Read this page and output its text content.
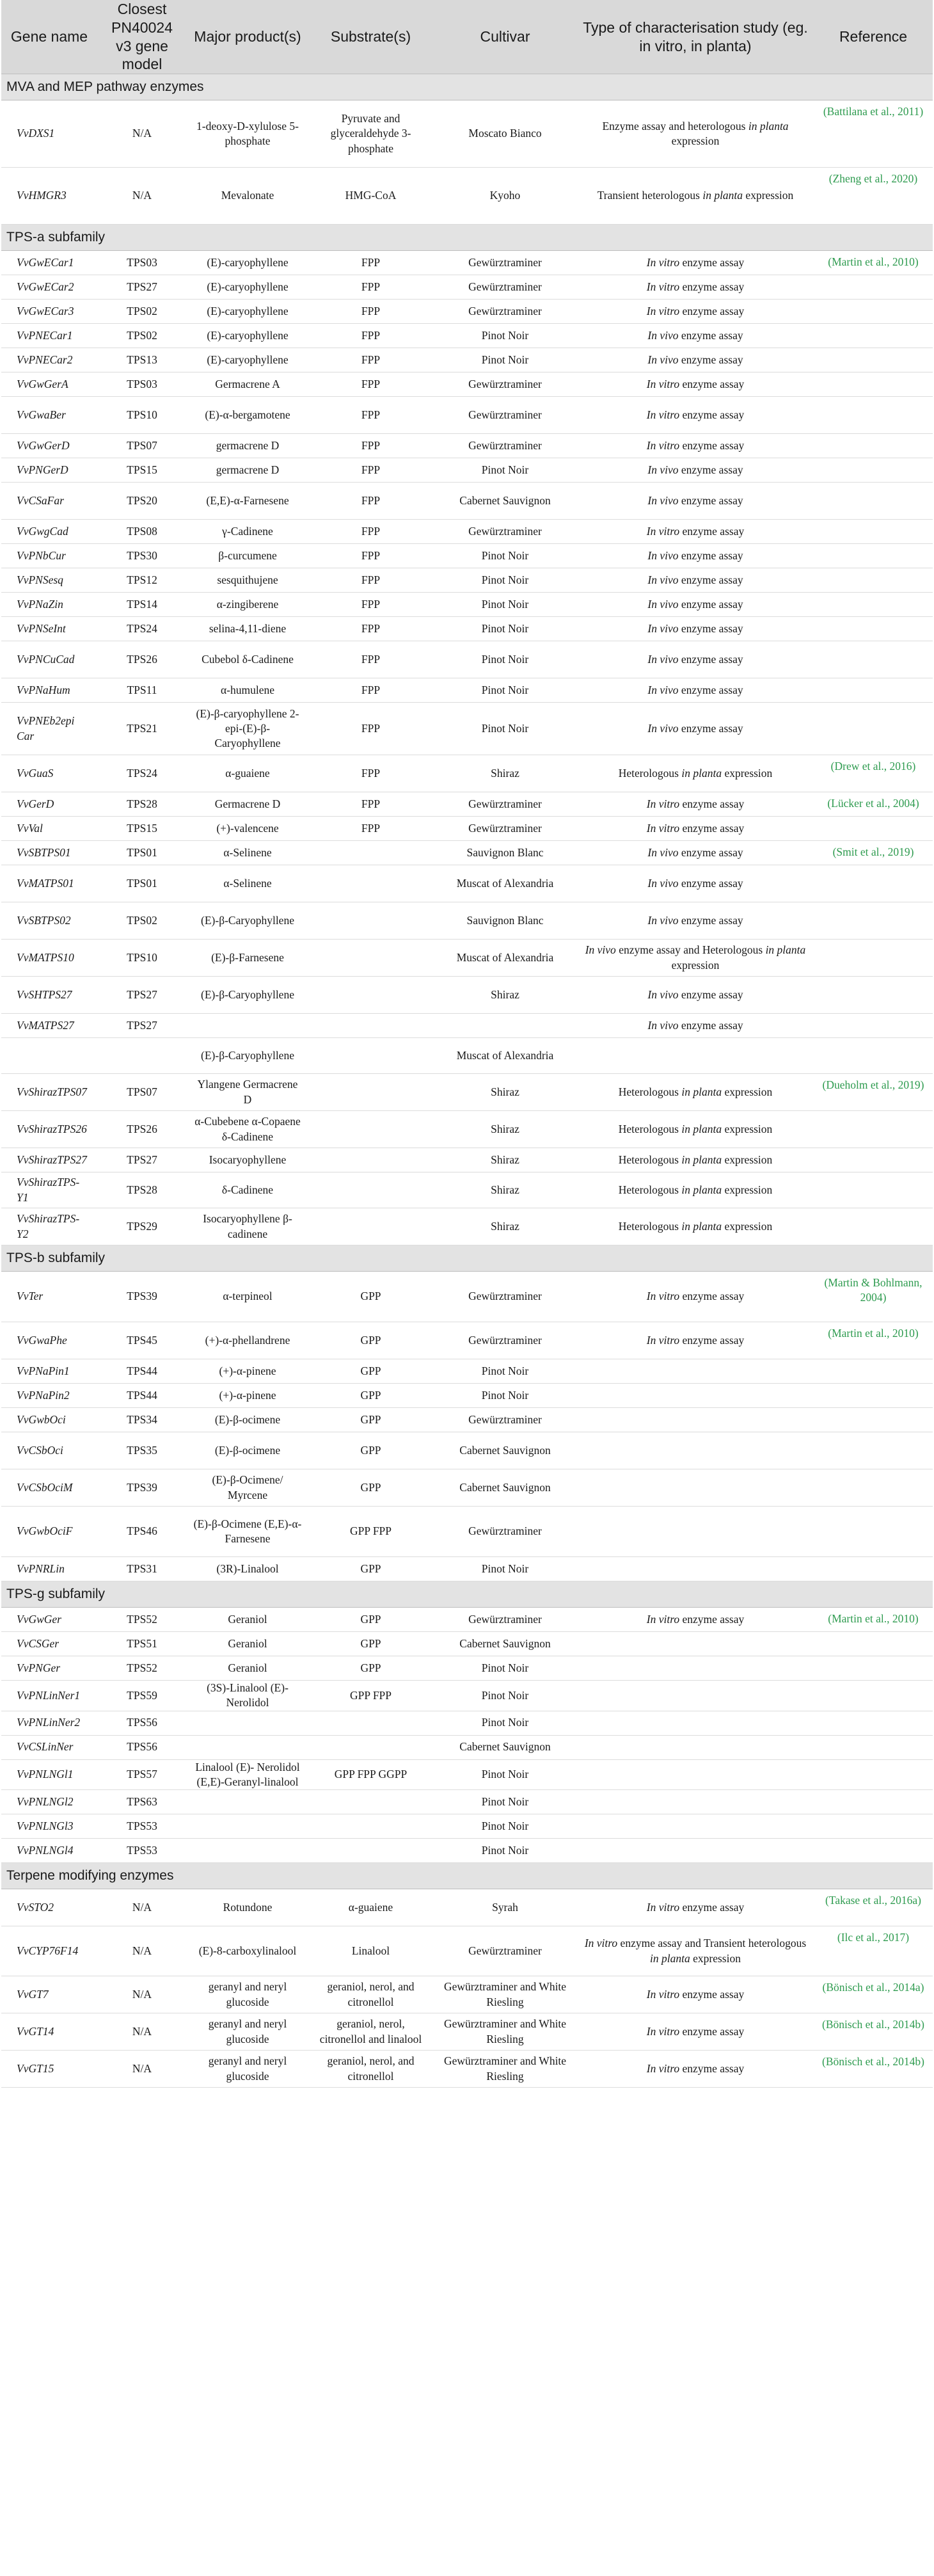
Gene name	Closest PN40024 v3 gene model	Major product(s)	Substrate(s)	Cultivar	Type of characterisation study (eg. in vitro, in planta)	Reference
MVA and MEP pathway enzymes						
VvDXS1	N/A	1-deoxy-D-xylulose 5-phosphate	Pyruvate and glyceraldehyde 3-phosphate	Moscato Bianco	Enzyme assay and heterologous in planta expression	(Battilana et al., 2011)
VvHMGR3	N/A	Mevalonate	HMG-CoA	Kyoho	Transient heterologous in planta expression	(Zheng et al., 2020)
TPS-a subfamily						
VvGwECar1	TPS03	(E)-caryophyllene	FPP	Gewürztraminer	In vitro enzyme assay	(Martin et al., 2010)
VvGwECar2	TPS27	(E)-caryophyllene	FPP	Gewürztraminer	In vitro enzyme assay	
VvGwECar3	TPS02	(E)-caryophyllene	FPP	Gewürztraminer	In vitro enzyme assay	
VvPNECar1	TPS02	(E)-caryophyllene	FPP	Pinot Noir	In vivo enzyme assay	
VvPNECar2	TPS13	(E)-caryophyllene	FPP	Pinot Noir	In vivo enzyme assay	
VvGwGerA	TPS03	Germacrene A	FPP	Gewürztraminer	In vitro enzyme assay	
VvGwaBer	TPS10	(E)-α-bergamotene	FPP	Gewürztraminer	In vitro enzyme assay	
VvGwGerD	TPS07	germacrene D	FPP	Gewürztraminer	In vitro enzyme assay	
VvPNGerD	TPS15	germacrene D	FPP	Pinot Noir	In vivo enzyme assay	
VvCSaFar	TPS20	(E,E)-α-Farnesene	FPP	Cabernet Sauvignon	In vivo enzyme assay	
VvGwgCad	TPS08	γ-Cadinene	FPP	Gewürztraminer	In vitro enzyme assay	
VvPNbCur	TPS30	β-curcumene	FPP	Pinot Noir	In vivo enzyme assay	
VvPNSesq	TPS12	sesquithujene	FPP	Pinot Noir	In vivo enzyme assay	
VvPNaZin	TPS14	α-zingiberene	FPP	Pinot Noir	In vivo enzyme assay	
VvPNSeInt	TPS24	selina-4,11-diene	FPP	Pinot Noir	In vivo enzyme assay	
VvPNCuCad	TPS26	Cubebol δ-Cadinene	FPP	Pinot Noir	In vivo enzyme assay	
VvPNaHum	TPS11	α-humulene	FPP	Pinot Noir	In vivo enzyme assay	
VvPNEb2epi Car	TPS21	(E)-β-caryophyllene 2-epi-(E)-β-Caryophyllene	FPP	Pinot Noir	In vivo enzyme assay	
VvGuaS	TPS24	α-guaiene	FPP	Shiraz	Heterologous in planta expression	(Drew et al., 2016)
VvGerD	TPS28	Germacrene D	FPP	Gewürztraminer	In vitro enzyme assay	(Lücker et al., 2004)
VvVal	TPS15	(+)-valencene	FPP	Gewürztraminer	In vitro enzyme assay	
VvSBTPS01	TPS01	α-Selinene		Sauvignon Blanc	In vivo enzyme assay	(Smit et al., 2019)
VvMATPS01	TPS01	α-Selinene		Muscat of Alexandria	In vivo enzyme assay	
VvSBTPS02	TPS02	(E)-β-Caryophyllene		Sauvignon Blanc	In vivo enzyme assay	
VvMATPS10	TPS10	(E)-β-Farnesene		Muscat of Alexandria	In vivo enzyme assay and Heterologous in planta expression	
VvSHTPS27	TPS27	(E)-β-Caryophyllene		Shiraz	In vivo enzyme assay	
VvMATPS27	TPS27				In vivo enzyme assay	
		(E)-β-Caryophyllene		Muscat of Alexandria		
VvShirazTPS07	TPS07	Ylangene Germacrene D		Shiraz	Heterologous in planta expression	(Dueholm et al., 2019)
VvShirazTPS26	TPS26	α-Cubebene α-Copaene δ-Cadinene		Shiraz	Heterologous in planta expression	
VvShirazTPS27	TPS27	Isocaryophyllene		Shiraz	Heterologous in planta expression	
VvShirazTPS-Y1	TPS28	δ-Cadinene		Shiraz	Heterologous in planta expression	
VvShirazTPS-Y2	TPS29	Isocaryophyllene β-cadinene		Shiraz	Heterologous in planta expression	
TPS-b subfamily						
VvTer	TPS39	α-terpineol	GPP	Gewürztraminer	In vitro enzyme assay	(Martin & Bohlmann, 2004)
VvGwaPhe	TPS45	(+)-α-phellandrene	GPP	Gewürztraminer	In vitro enzyme assay	(Martin et al., 2010)
VvPNaPin1	TPS44	(+)-α-pinene	GPP	Pinot Noir		
VvPNaPin2	TPS44	(+)-α-pinene	GPP	Pinot Noir		
VvGwbOci	TPS34	(E)-β-ocimene	GPP	Gewürztraminer		
VvCSbOci	TPS35	(E)-β-ocimene	GPP	Cabernet Sauvignon		
VvCSbOciM	TPS39	(E)-β-Ocimene/ Myrcene	GPP	Cabernet Sauvignon		
VvGwbOciF	TPS46	(E)-β-Ocimene (E,E)-α-Farnesene	GPP FPP	Gewürztraminer		
VvPNRLin	TPS31	(3R)-Linalool	GPP	Pinot Noir		
TPS-g subfamily						
VvGwGer	TPS52	Geraniol	GPP	Gewürztraminer	In vitro enzyme assay	(Martin et al., 2010)
VvCSGer	TPS51	Geraniol	GPP	Cabernet Sauvignon		
VvPNGer	TPS52	Geraniol	GPP	Pinot Noir		
VvPNLinNer1	TPS59	(3S)-Linalool (E)- Nerolidol	GPP FPP	Pinot Noir		
VvPNLinNer2	TPS56			Pinot Noir		
VvCSLinNer	TPS56			Cabernet Sauvignon		
VvPNLNGl1	TPS57	Linalool (E)- Nerolidol (E,E)-Geranyl-linalool	GPP FPP GGPP	Pinot Noir		
VvPNLNGl2	TPS63			Pinot Noir		
VvPNLNGl3	TPS53			Pinot Noir		
VvPNLNGl4	TPS53			Pinot Noir		
Terpene modifying enzymes						
VvSTO2	N/A	Rotundone	α-guaiene	Syrah	In vitro enzyme assay	(Takase et al., 2016a)
VvCYP76F14	N/A	(E)-8-carboxylinalool	Linalool	Gewürztraminer	In vitro enzyme assay and Transient heterologous in planta expression	(Ilc et al., 2017)
VvGT7	N/A	geranyl and neryl glucoside	geraniol, nerol, and citronellol	Gewürztraminer and White Riesling	In vitro enzyme assay	(Bönisch et al., 2014a)
VvGT14	N/A	geranyl and neryl glucoside	geraniol, nerol, citronellol and linalool	Gewürztraminer and White Riesling	In vitro enzyme assay	(Bönisch et al., 2014b)
VvGT15	N/A	geranyl and neryl glucoside	geraniol, nerol, and citronellol	Gewürztraminer and White Riesling	In vitro enzyme assay	(Bönisch et al., 2014b)
